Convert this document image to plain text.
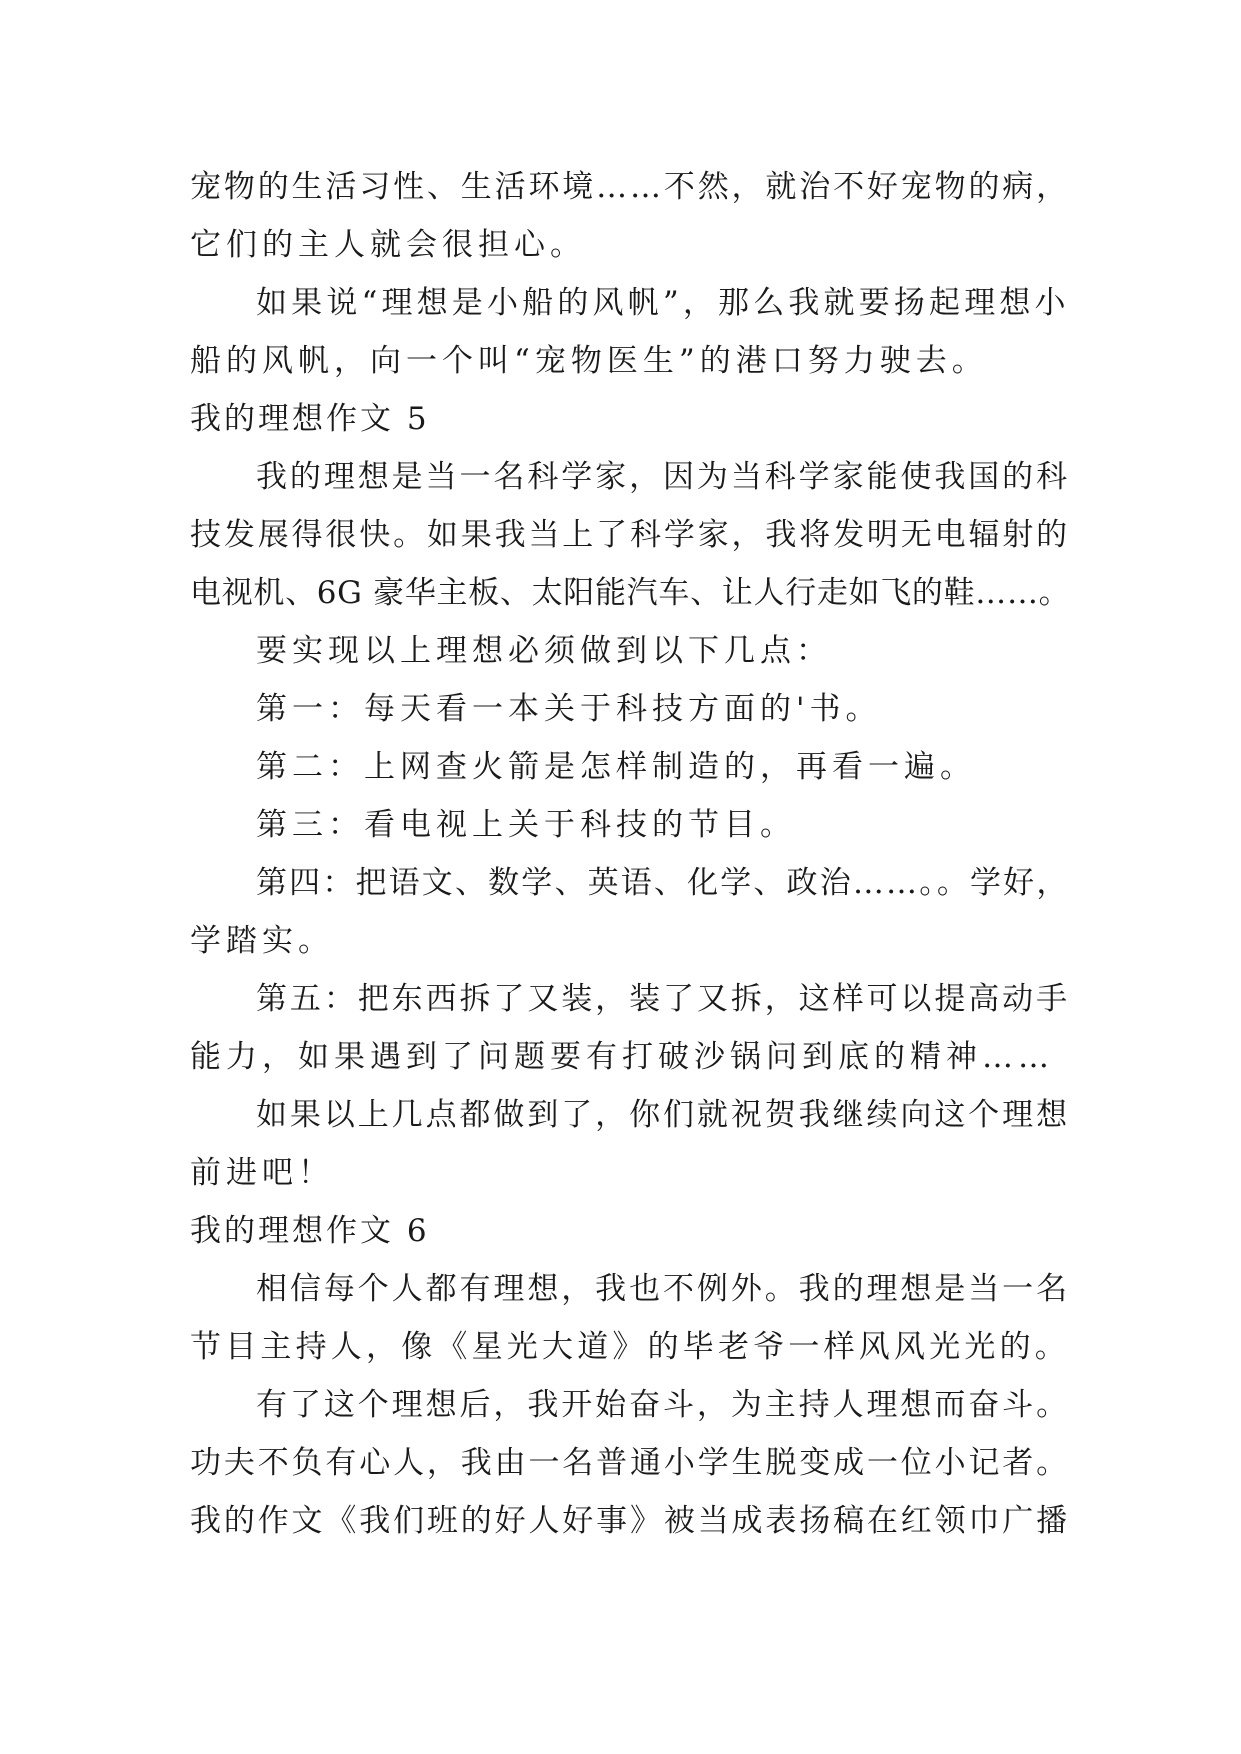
宠物的生活习性、生活环境……不然，就治不好宠物的病，
它们的主人就会很担心。
如果说“理想是小船的风帆”，那么我就要扬起理想小
船的风帆，向一个叫“宠物医生”的港口努力驶去。
我的理想作文 5
我的理想是当一名科学家，因为当科学家能使我国的科
技发展得很快。如果我当上了科学家，我将发明无电辐射的
电视机、6G 豪华主板、太阳能汽车、让人行走如飞的鞋……。
要实现以上理想必须做到以下几点：
第一：每天看一本关于科技方面的'书。
第二：上网查火箭是怎样制造的，再看一遍。
第三：看电视上关于科技的节目。
第四：把语文、数学、英语、化学、政治……。。学好，
学踏实。
第五：把东西拆了又装，装了又拆，这样可以提高动手
能力，如果遇到了问题要有打破沙锅问到底的精神……
如果以上几点都做到了，你们就祝贺我继续向这个理想
前进吧！
我的理想作文 6
相信每个人都有理想，我也不例外。我的理想是当一名
节目主持人，像《星光大道》的毕老爷一样风风光光的。
有了这个理想后，我开始奋斗，为主持人理想而奋斗。
功夫不负有心人，我由一名普通小学生脱变成一位小记者。
我的作文《我们班的好人好事》被当成表扬稿在红领巾广播
